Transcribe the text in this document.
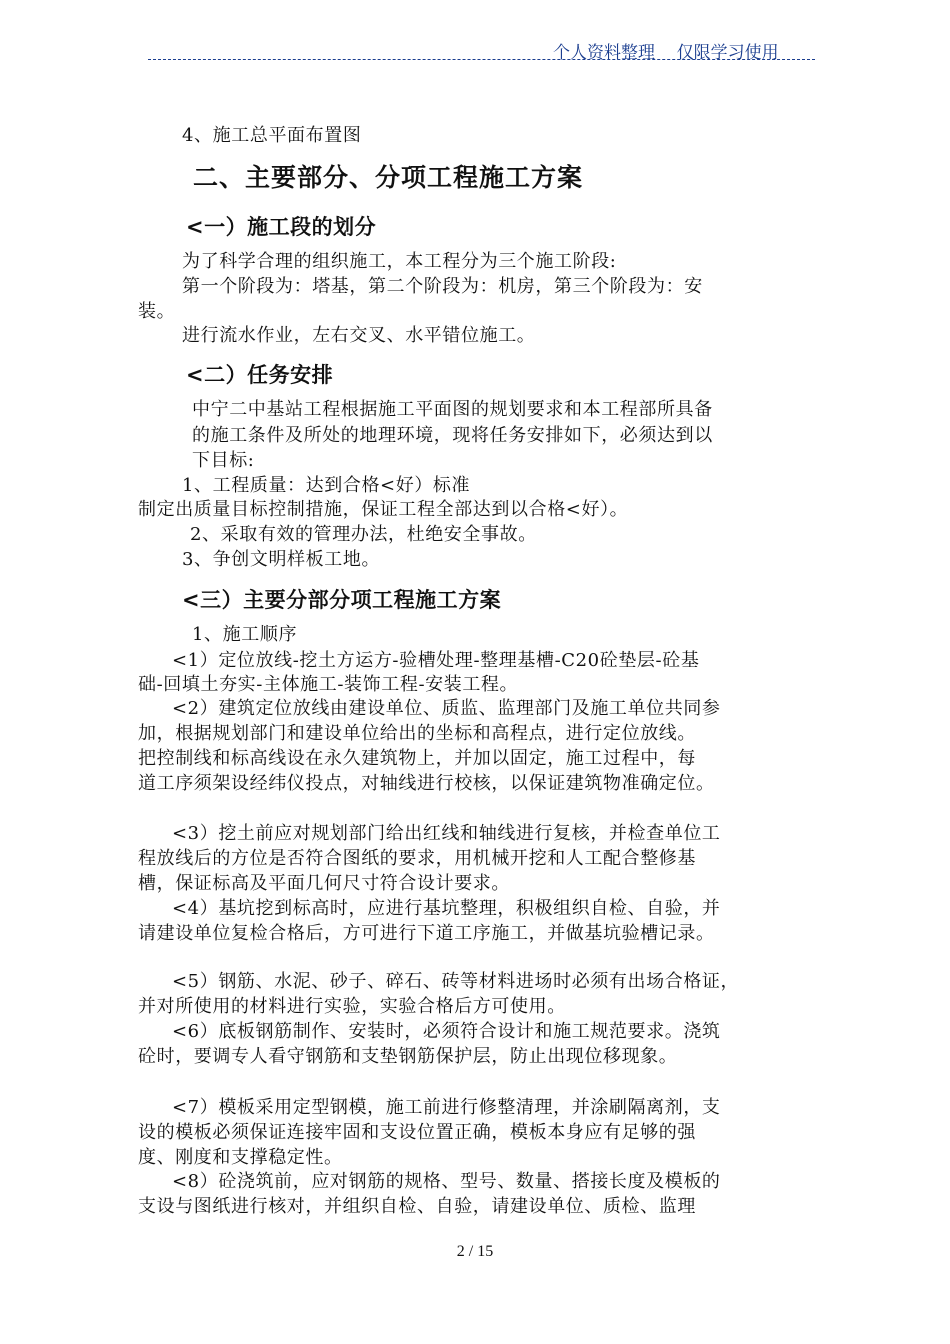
个人资料整理    仅限学习使用
4、施工总平面布置图
二、主要部分、分项工程施工方案
<一）施工段的划分
为了科学合理的组织施工，本工程分为三个施工阶段:
第一个阶段为：塔基，第二个阶段为：机房，第三个阶段为：安
装。
进行流水作业，左右交叉、水平错位施工。
<二）任务安排
中宁二中基站工程根据施工平面图的规划要求和本工程部所具备
的施工条件及所处的地理环境，现将任务安排如下，必须达到以
下目标:
1、工程质量：达到合格<好）标准
制定出质量目标控制措施，保证工程全部达到以合格<好）。
2、采取有效的管理办法，杜绝安全事故。
3、争创文明样板工地。
<三）主要分部分项工程施工方案
1、施工顺序
<1）定位放线-挖土方运方-验槽处理-整理基槽-C20砼垫层-砼基
础-回填土夯实-主体施工-装饰工程-安装工程。
<2）建筑定位放线由建设单位、质监、监理部门及施工单位共同参
加，根据规划部门和建设单位给出的坐标和高程点，进行定位放线。
把控制线和标高线设在永久建筑物上，并加以固定，施工过程中，每
道工序须架设经纬仪投点，对轴线进行校核，以保证建筑物准确定位。
<3）挖土前应对规划部门给出红线和轴线进行复核，并检查单位工
程放线后的方位是否符合图纸的要求，用机械开挖和人工配合整修基
槽，保证标高及平面几何尺寸符合设计要求。
<4）基坑挖到标高时，应进行基坑整理，积极组织自检、自验，并
请建设单位复检合格后，方可进行下道工序施工，并做基坑验槽记录。
<5）钢筋、水泥、砂子、碎石、砖等材料进场时必须有出场合格证，
并对所使用的材料进行实验，实验合格后方可使用。
<6）底板钢筋制作、安装时，必须符合设计和施工规范要求。浇筑
砼时，要调专人看守钢筋和支垫钢筋保护层，防止出现位移现象。
<7）模板采用定型钢模，施工前进行修整清理，并涂刷隔离剂，支
设的模板必须保证连接牢固和支设位置正确，模板本身应有足够的强
度、刚度和支撑稳定性。
<8）砼浇筑前，应对钢筋的规格、型号、数量、搭接长度及模板的
支设与图纸进行核对，并组织自检、自验，请建设单位、质检、监理
2 / 15
